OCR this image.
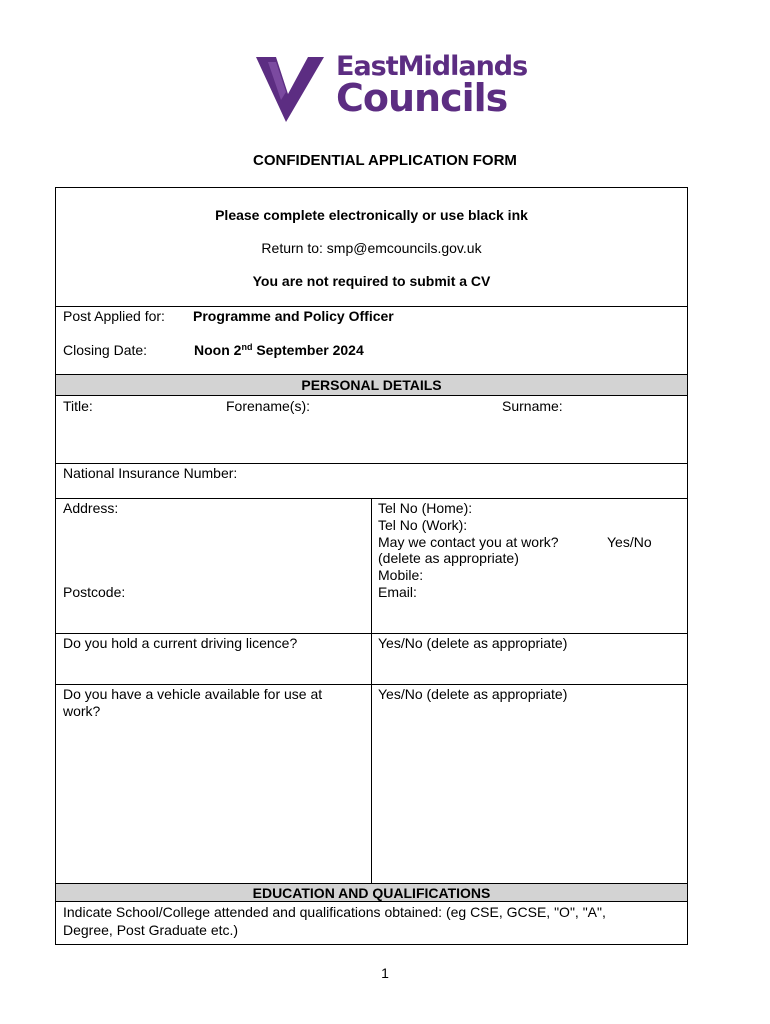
EastMidlands
Councils
CONFIDENTIAL APPLICATION FORM
Please complete electronically or use black ink
Return to: smp@emcouncils.gov.uk
You are not required to submit a CV
Post Applied for: Programme and Policy Officer
Closing Date:	Noon 2nd September 2024
PERSONAL DETAILS
Title:	Forename(s):	Surname:
National Insurance Number:
Address:
Postcode:
Tel No (Home):
Tel No (Work):
May we contact you at work?	Yes/No
(delete as appropriate)
Mobile:
Email:
Do you hold a current driving licence?	Yes/No (delete as appropriate)
Do you have a vehicle available for use at
work?
Yes/No (delete as appropriate)
EDUCATION AND QUALIFICATIONS
Indicate School/College attended and qualifications obtained: (eg CSE, GCSE, "O", "A",
Degree, Post Graduate etc.)
1
